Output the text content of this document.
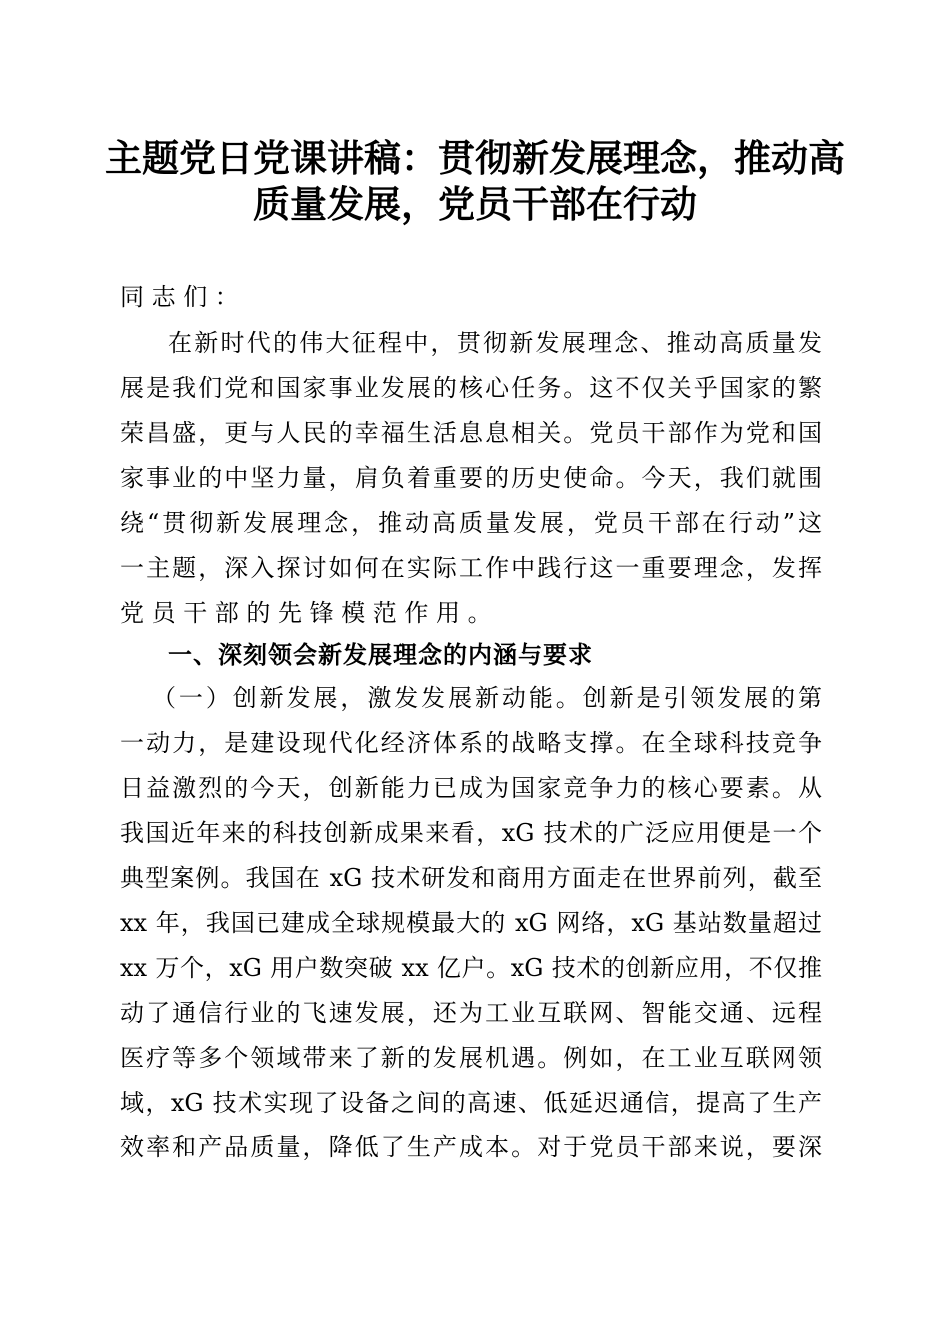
主题党日党课讲稿：贯彻新发展理念，推动高
质量发展，党员干部在行动
同志们：
在新时代的伟大征程中，贯彻新发展理念、推动高质量发
展是我们党和国家事业发展的核心任务。这不仅关乎国家的繁
荣昌盛，更与人民的幸福生活息息相关。党员干部作为党和国
家事业的中坚力量，肩负着重要的历史使命。今天，我们就围
绕“贯彻新发展理念，推动高质量发展，党员干部在行动”这
一主题，深入探讨如何在实际工作中践行这一重要理念，发挥
党员干部的先锋模范作用。
一、深刻领会新发展理念的内涵与要求
（一）创新发展，激发发展新动能。创新是引领发展的第
一动力，是建设现代化经济体系的战略支撑。在全球科技竞争
日益激烈的今天，创新能力已成为国家竞争力的核心要素。从
我国近年来的科技创新成果来看，xG 技术的广泛应用便是一个
典型案例。我国在 xG 技术研发和商用方面走在世界前列，截至
xx 年，我国已建成全球规模最大的 xG 网络，xG 基站数量超过
xx 万个，xG 用户数突破 xx 亿户。xG 技术的创新应用，不仅推
动了通信行业的飞速发展，还为工业互联网、智能交通、远程
医疗等多个领域带来了新的发展机遇。例如，在工业互联网领
域，xG 技术实现了设备之间的高速、低延迟通信，提高了生产
效率和产品质量，降低了生产成本。对于党员干部来说，要深
